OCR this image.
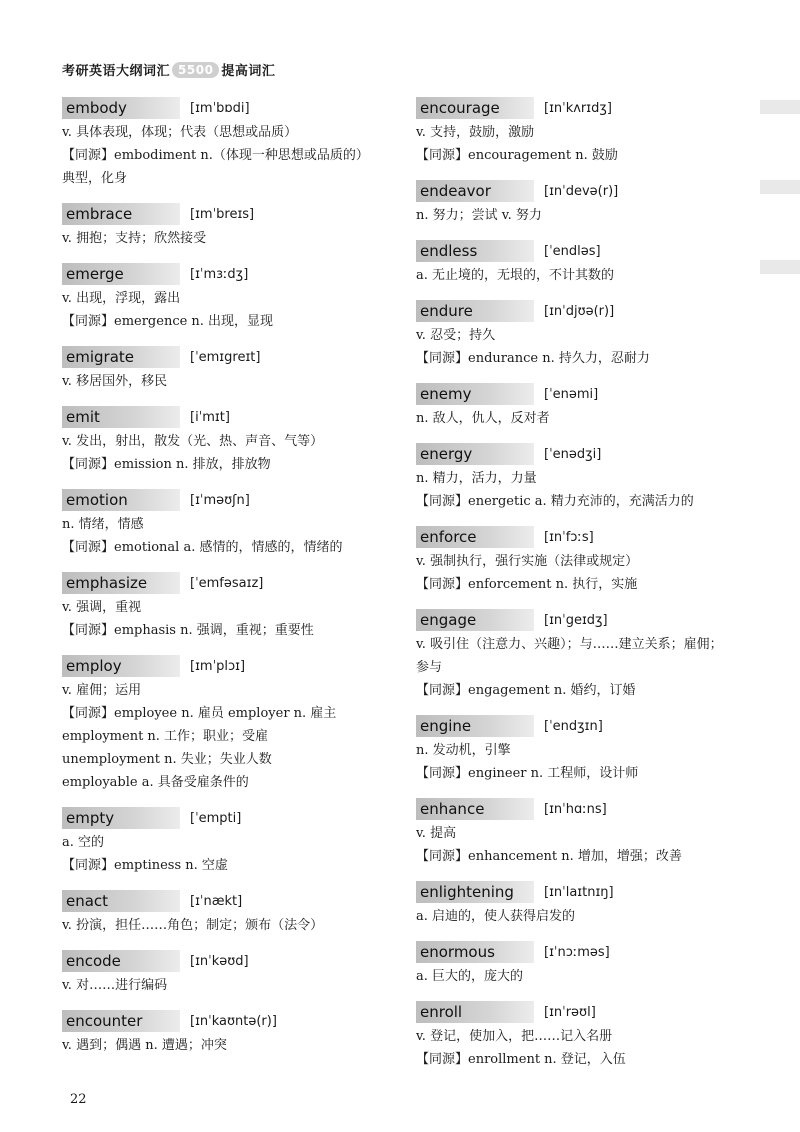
考研英语大纲词汇 5500 提高词汇
embody	[ɪmˈbɒdi]
v. 具体表现，体现；代表（思想或品质）
【同源】embodiment n.（体现一种思想或品质的）
典型，化身
embrace	[ɪmˈbreɪs]
v. 拥抱；支持；欣然接受
emerge	[ɪˈmɜːdʒ]
v. 出现，浮现，露出
【同源】emergence n. 出现，显现
emigrate	[ˈemɪgreɪt]
v. 移居国外，移民
emit	[iˈmɪt]
v. 发出，射出，散发（光、热、声音、气等）
【同源】emission n. 排放，排放物
emotion	[ɪˈməʊʃn]
n. 情绪，情感
【同源】emotional a. 感情的，情感的，情绪的
emphasize	[ˈemfəsaɪz]
v. 强调，重视
【同源】emphasis n. 强调，重视；重要性
employ	[ɪmˈplɔɪ]
v. 雇佣；运用
【同源】employee n. 雇员 employer n. 雇主
employment n. 工作；职业；受雇
unemployment n. 失业；失业人数
employable a. 具备受雇条件的
empty	[ˈempti]
a. 空的
【同源】emptiness n. 空虚
enact	[ɪˈnækt]
v. 扮演，担任……角色；制定；颁布（法令）
encode	[ɪnˈkəʊd]
v. 对……进行编码
encounter	[ɪnˈkaʊntə(r)]
v. 遇到；偶遇 n. 遭遇；冲突
encourage	[ɪnˈkʌrɪdʒ]
v. 支持，鼓励，激励
【同源】encouragement n. 鼓励
endeavor	[ɪnˈdevə(r)]
n. 努力；尝试 v. 努力
endless	[ˈendləs]
a. 无止境的，无垠的，不计其数的
endure	[ɪnˈdjʊə(r)]
v. 忍受；持久
【同源】endurance n. 持久力，忍耐力
enemy	[ˈenəmi]
n. 敌人，仇人，反对者
energy	[ˈenədʒi]
n. 精力，活力，力量
【同源】energetic a. 精力充沛的，充满活力的
enforce	[ɪnˈfɔːs]
v. 强制执行，强行实施（法律或规定）
【同源】enforcement n. 执行，实施
engage	[ɪnˈgeɪdʒ]
v. 吸引住（注意力、兴趣）；与……建立关系；雇佣；
参与
【同源】engagement n. 婚约，订婚
engine	[ˈendʒɪn]
n. 发动机，引擎
【同源】engineer n. 工程师，设计师
enhance	[ɪnˈhɑːns]
v. 提高
【同源】enhancement n. 增加，增强；改善
enlightening	[ɪnˈlaɪtnɪŋ]
a. 启迪的，使人获得启发的
enormous	[ɪˈnɔːməs]
a. 巨大的，庞大的
enroll	[ɪnˈrəʊl]
v. 登记，使加入，把……记入名册
【同源】enrollment n. 登记，入伍
22
